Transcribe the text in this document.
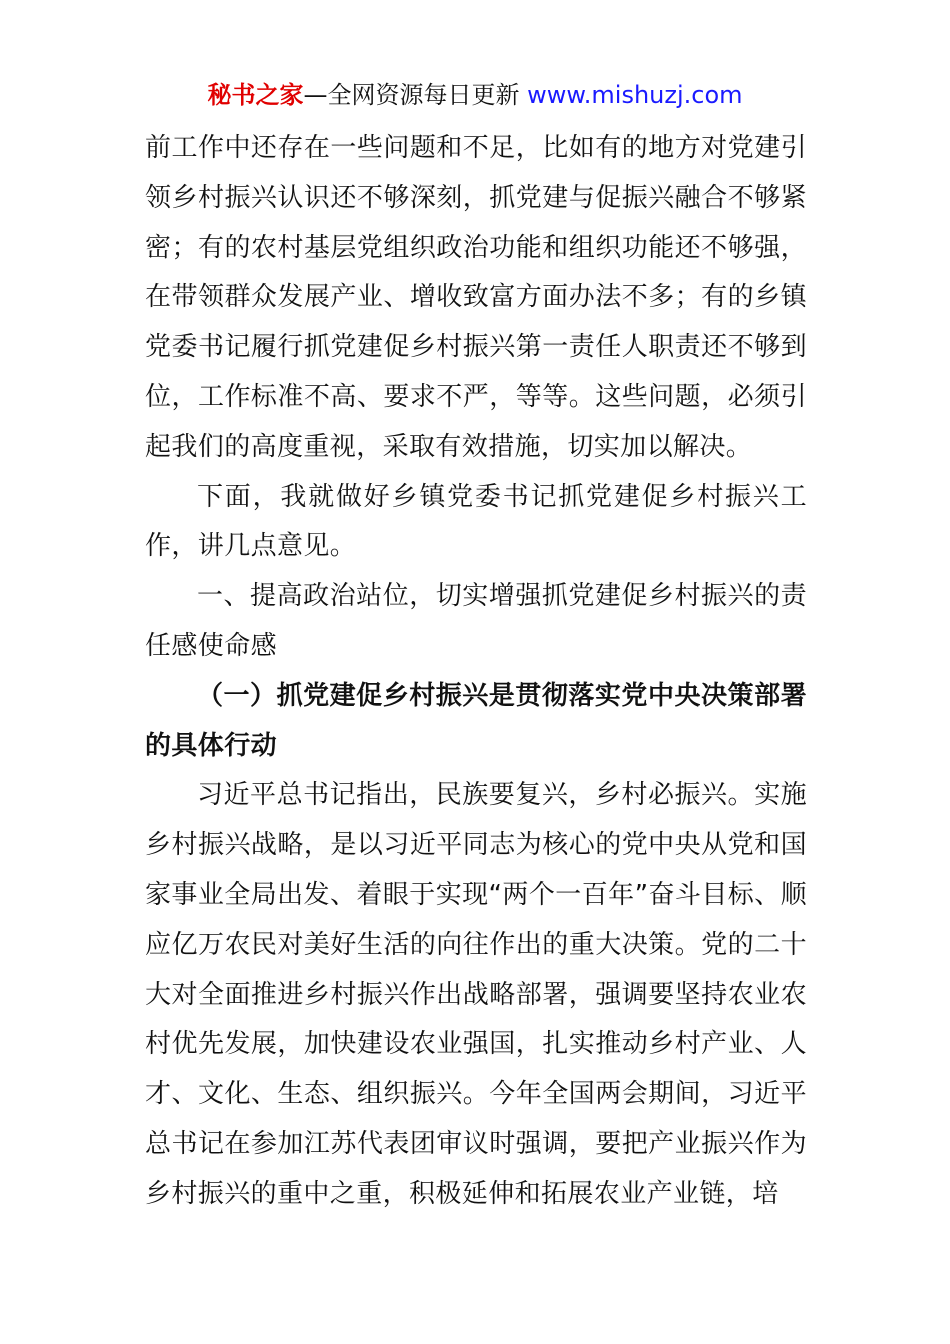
秘书之家—全网资源每日更新 www.mishuzj.com

前工作中还存在一些问题和不足，比如有的地方对党建引领乡村振兴认识还不够深刻，抓党建与促振兴融合不够紧密；有的农村基层党组织政治功能和组织功能还不够强，在带领群众发展产业、增收致富方面办法不多；有的乡镇党委书记履行抓党建促乡村振兴第一责任人职责还不够到位，工作标准不高、要求不严，等等。这些问题，必须引起我们的高度重视，采取有效措施，切实加以解决。

下面，我就做好乡镇党委书记抓党建促乡村振兴工作，讲几点意见。

一、提高政治站位，切实增强抓党建促乡村振兴的责任感使命感

（一）抓党建促乡村振兴是贯彻落实党中央决策部署的具体行动

习近平总书记指出，民族要复兴，乡村必振兴。实施乡村振兴战略，是以习近平同志为核心的党中央从党和国家事业全局出发、着眼于实现“两个一百年”奋斗目标、顺应亿万农民对美好生活的向往作出的重大决策。党的二十大对全面推进乡村振兴作出战略部署，强调要坚持农业农村优先发展，加快建设农业强国，扎实推动乡村产业、人才、文化、生态、组织振兴。今年全国两会期间，习近平总书记在参加江苏代表团审议时强调，要把产业振兴作为乡村振兴的重中之重，积极延伸和拓展农业产业链，培
